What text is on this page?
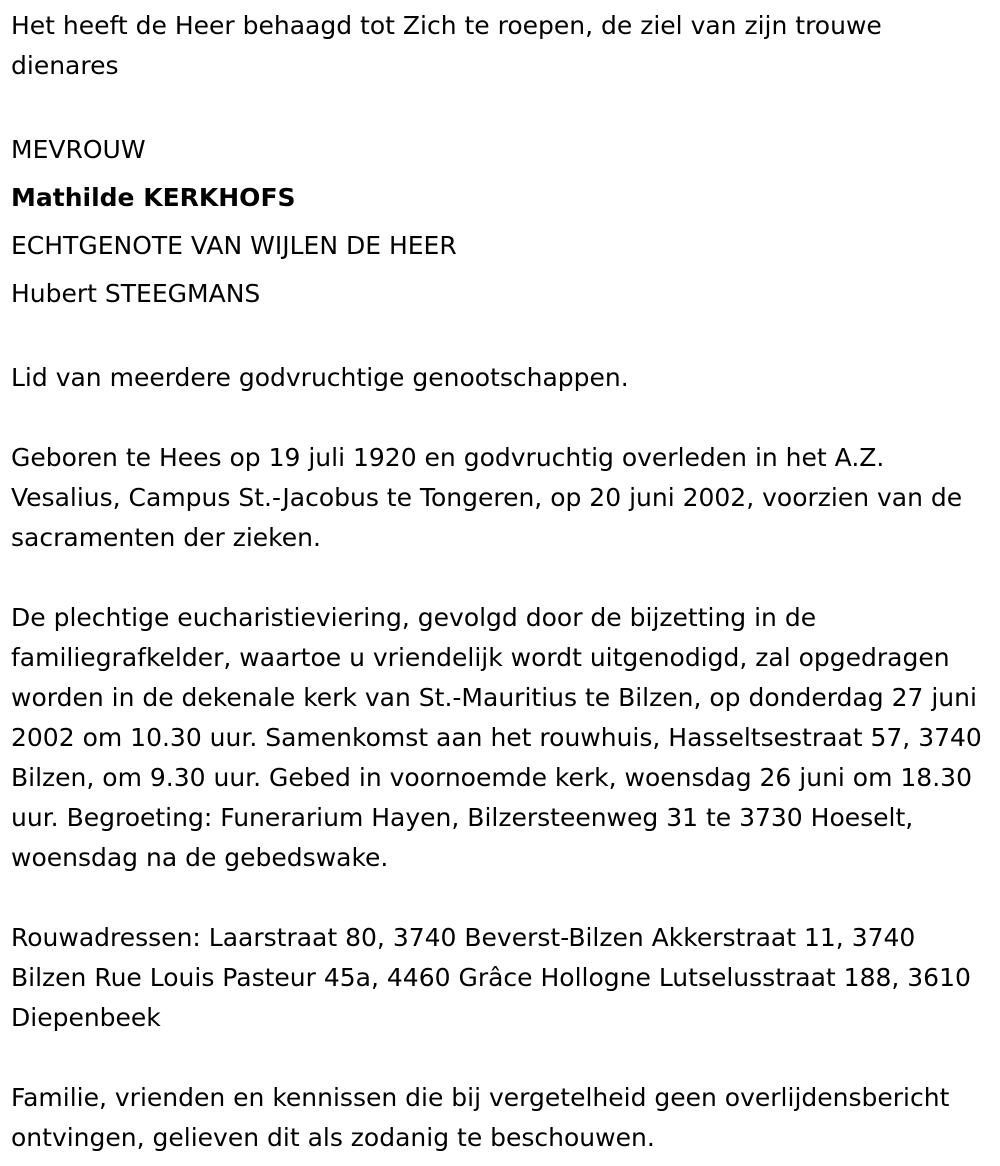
Het heeft de Heer behaagd tot Zich te roepen, de ziel van zijn trouwe dienares

MEVROUW

Mathilde KERKHOFS

ECHTGENOTE VAN WIJLEN DE HEER

Hubert STEEGMANS

Lid van meerdere godvruchtige genootschappen.

Geboren te Hees op 19 juli 1920 en godvruchtig overleden in het A.Z. Vesalius, Campus St.-Jacobus te Tongeren, op 20 juni 2002, voorzien van de sacramenten der zieken.

De plechtige eucharistieviering, gevolgd door de bijzetting in de familiegrafkelder, waartoe u vriendelijk wordt uitgenodigd, zal opgedragen worden in de dekenale kerk van St.-Mauritius te Bilzen, op donderdag 27 juni 2002 om 10.30 uur. Samenkomst aan het rouwhuis, Hasseltsestraat 57, 3740 Bilzen, om 9.30 uur. Gebed in voornoemde kerk, woensdag 26 juni om 18.30 uur. Begroeting: Funerarium Hayen, Bilzersteenweg 31 te 3730 Hoeselt, woensdag na de gebedswake.

Rouwadressen: Laarstraat 80, 3740 Beverst-Bilzen Akkerstraat 11, 3740 Bilzen Rue Louis Pasteur 45a, 4460 Grâce Hollogne Lutselusstraat 188, 3610 Diepenbeek

Familie, vrienden en kennissen die bij vergetelheid geen overlijdensbericht ontvingen, gelieven dit als zodanig te beschouwen.
